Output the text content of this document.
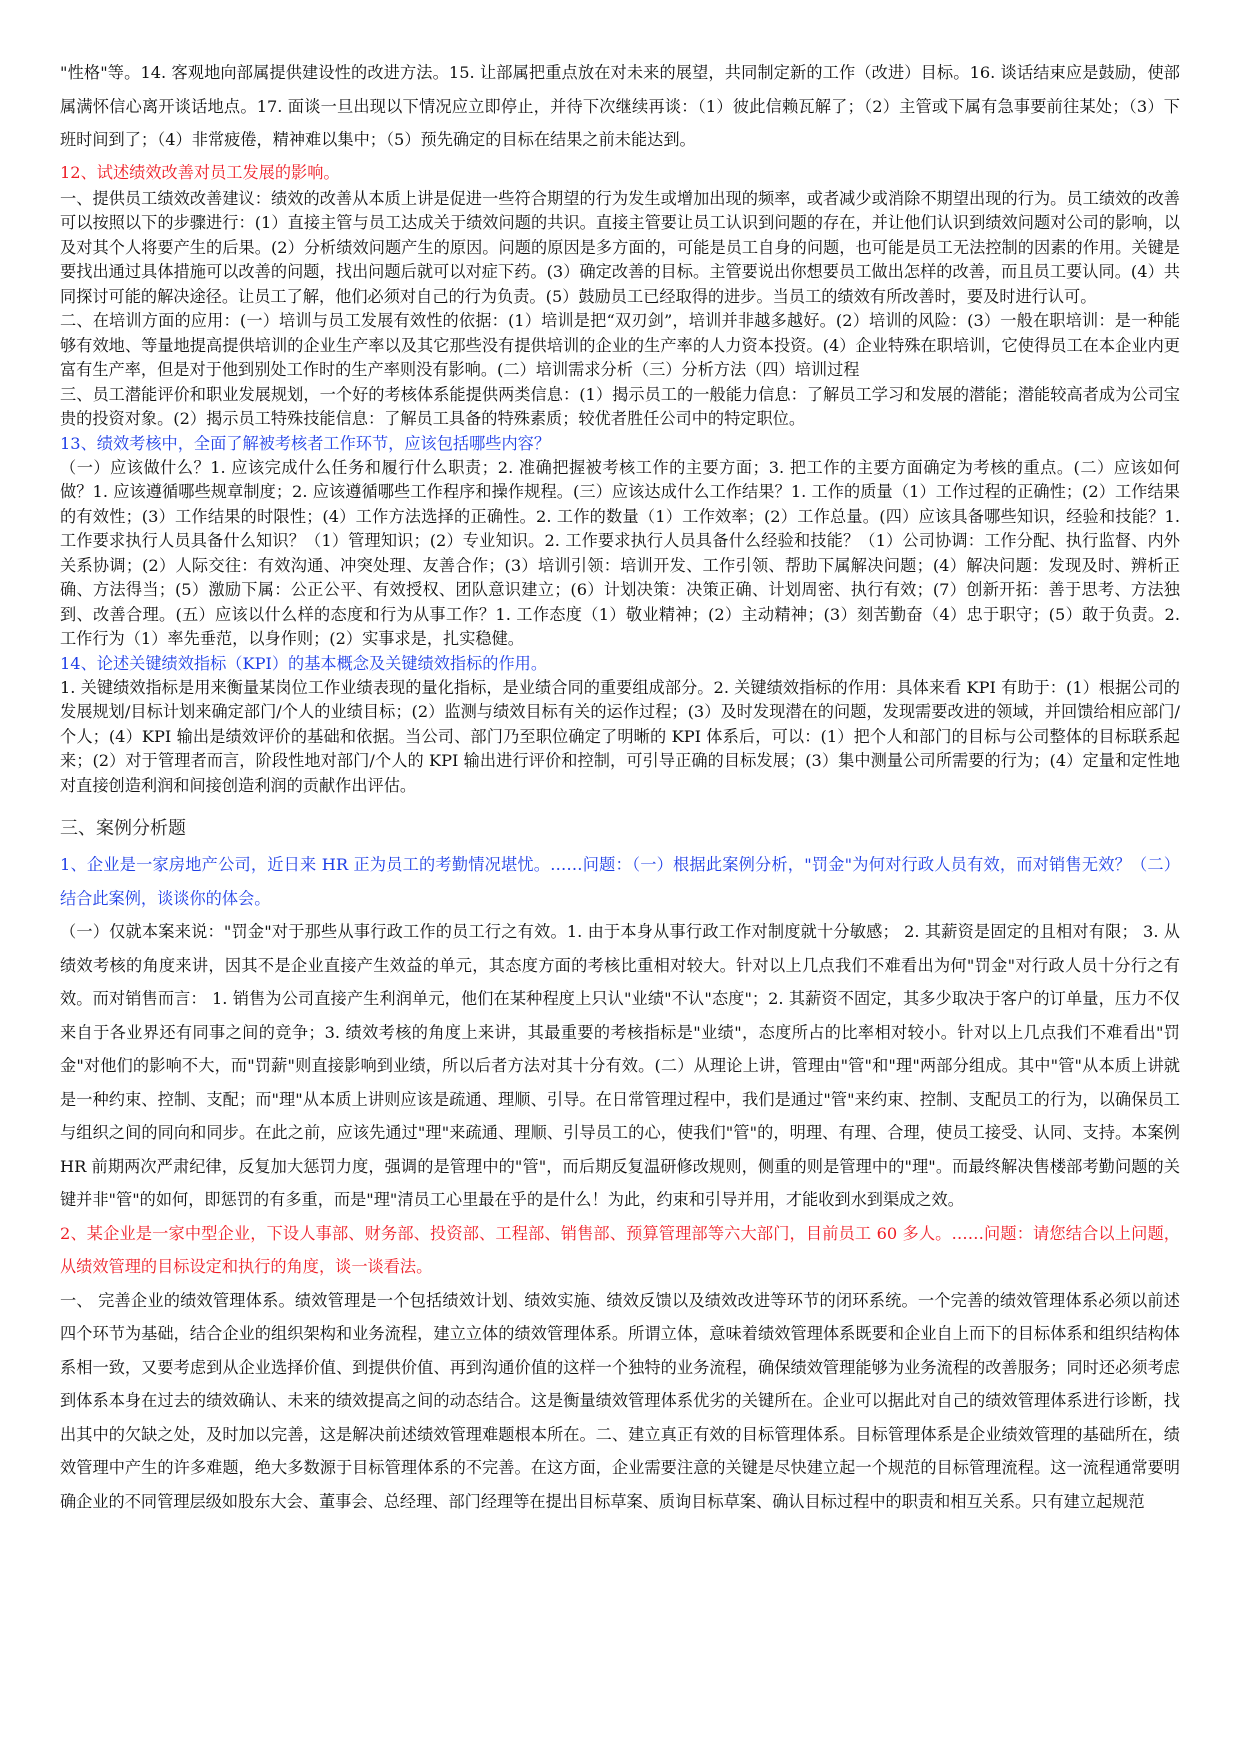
"性格"等。14. 客观地向部属提供建设性的改进方法。15. 让部属把重点放在对未来的展望，共同制定新的工作（改进）目标。16. 谈话结束应是鼓励，使部属满怀信心离开谈话地点。17. 面谈一旦出现以下情况应立即停止，并待下次继续再谈：（1）彼此信赖瓦解了；（2）主管或下属有急事要前往某处；（3）下班时间到了；（4）非常疲倦，精神难以集中；（5）预先确定的目标在结果之前未能达到。

12、试述绩效改善对员工发展的影响。

一、提供员工绩效改善建议：绩效的改善从本质上讲是促进一些符合期望的行为发生或增加出现的频率，或者减少或消除不期望出现的行为。员工绩效的改善可以按照以下的步骤进行：(1）直接主管与员工达成关于绩效问题的共识。直接主管要让员工认识到问题的存在，并让他们认识到绩效问题对公司的影响，以及对其个人将要产生的后果。(2）分析绩效问题产生的原因。问题的原因是多方面的，可能是员工自身的问题，也可能是员工无法控制的因素的作用。关键是要找出通过具体措施可以改善的问题，找出问题后就可以对症下药。(3）确定改善的目标。主管要说出你想要员工做出怎样的改善，而且员工要认同。(4）共同探讨可能的解决途径。让员工了解，他们必须对自己的行为负责。(5）鼓励员工已经取得的进步。当员工的绩效有所改善时，要及时进行认可。

二、在培训方面的应用：(一）培训与员工发展有效性的依据：(1）培训是把“双刃剑”，培训并非越多越好。(2）培训的风险：(3）一般在职培训：是一种能够有效地、等量地提高提供培训的企业生产率以及其它那些没有提供培训的企业的生产率的人力资本投资。(4）企业特殊在职培训，它使得员工在本企业内更富有生产率，但是对于他到别处工作时的生产率则没有影响。(二）培训需求分析（三）分析方法（四）培训过程

三、员工潜能评价和职业发展规划，一个好的考核体系能提供两类信息：(1）揭示员工的一般能力信息：了解员工学习和发展的潜能；潜能较高者成为公司宝贵的投资对象。(2）揭示员工特殊技能信息：了解员工具备的特殊素质；较优者胜任公司中的特定职位。

13、绩效考核中，全面了解被考核者工作环节，应该包括哪些内容？

（一）应该做什么？1. 应该完成什么任务和履行什么职责；2. 准确把握被考核工作的主要方面；3. 把工作的主要方面确定为考核的重点。(二）应该如何做？1. 应该遵循哪些规章制度；2. 应该遵循哪些工作程序和操作规程。(三）应该达成什么工作结果？1. 工作的质量（1）工作过程的正确性；(2）工作结果的有效性；(3）工作结果的时限性；(4）工作方法选择的正确性。2. 工作的数量（1）工作效率；(2）工作总量。(四）应该具备哪些知识，经验和技能？1. 工作要求执行人员具备什么知识？（1）管理知识；(2）专业知识。2. 工作要求执行人员具备什么经验和技能？（1）公司协调：工作分配、执行监督、内外关系协调；(2）人际交往：有效沟通、冲突处理、友善合作；(3）培训引领：培训开发、工作引领、帮助下属解决问题；(4）解决问题：发现及时、辨析正确、方法得当；(5）激励下属：公正公平、有效授权、团队意识建立；(6）计划决策：决策正确、计划周密、执行有效；(7）创新开拓：善于思考、方法独到、改善合理。(五）应该以什么样的态度和行为从事工作？1. 工作态度（1）敬业精神；(2）主动精神；(3）刻苦勤奋（4）忠于职守；(5）敢于负责。2. 工作行为（1）率先垂范，以身作则；(2）实事求是，扎实稳健。

14、论述关键绩效指标（KPI）的基本概念及关键绩效指标的作用。

1. 关键绩效指标是用来衡量某岗位工作业绩表现的量化指标，是业绩合同的重要组成部分。2. 关键绩效指标的作用：具体来看 KPI 有助于：(1）根据公司的发展规划/目标计划来确定部门/个人的业绩目标；(2）监测与绩效目标有关的运作过程；(3）及时发现潜在的问题，发现需要改进的领域，并回馈给相应部门/个人；(4）KPI 输出是绩效评价的基础和依据。当公司、部门乃至职位确定了明晰的 KPI 体系后，可以：(1）把个人和部门的目标与公司整体的目标联系起来；(2）对于管理者而言，阶段性地对部门/个人的 KPI 输出进行评价和控制，可引导正确的目标发展；(3）集中测量公司所需要的行为；(4）定量和定性地对直接创造利润和间接创造利润的贡献作出评估。

三、案例分析题

1、企业是一家房地产公司，近日来 HR 正为员工的考勤情况堪忧。……问题：（一）根据此案例分析，"罚金"为何对行政人员有效，而对销售无效？（二）结合此案例，谈谈你的体会。

（一）仅就本案来说："罚金"对于那些从事行政工作的员工行之有效。1. 由于本身从事行政工作对制度就十分敏感； 2. 其薪资是固定的且相对有限； 3. 从绩效考核的角度来讲，因其不是企业直接产生效益的单元，其态度方面的考核比重相对较大。针对以上几点我们不难看出为何"罚金"对行政人员十分行之有效。而对销售而言： 1. 销售为公司直接产生利润单元，他们在某种程度上只认"业绩"不认"态度"；2. 其薪资不固定，其多少取决于客户的订单量，压力不仅来自于各业界还有同事之间的竞争；3. 绩效考核的角度上来讲，其最重要的考核指标是"业绩"，态度所占的比率相对较小。针对以上几点我们不难看出"罚金"对他们的影响不大，而"罚薪"则直接影响到业绩，所以后者方法对其十分有效。(二）从理论上讲，管理由"管"和"理"两部分组成。其中"管"从本质上讲就是一种约束、控制、支配；而"理"从本质上讲则应该是疏通、理顺、引导。在日常管理过程中，我们是通过"管"来约束、控制、支配员工的行为，以确保员工与组织之间的同向和同步。在此之前，应该先通过"理"来疏通、理顺、引导员工的心，使我们"管"的，明理、有理、合理，使员工接受、认同、支持。本案例 HR 前期两次严肃纪律，反复加大惩罚力度，强调的是管理中的"管"，而后期反复温研修改规则，侧重的则是管理中的"理"。而最终解决售楼部考勤问题的关键并非"管"的如何，即惩罚的有多重，而是"理"清员工心里最在乎的是什么！为此，约束和引导并用，才能收到水到渠成之效。

2、某企业是一家中型企业，下设人事部、财务部、投资部、工程部、销售部、预算管理部等六大部门，目前员工 60 多人。……问题：请您结合以上问题，从绩效管理的目标设定和执行的角度，谈一谈看法。

一、 完善企业的绩效管理体系。绩效管理是一个包括绩效计划、绩效实施、绩效反馈以及绩效改进等环节的闭环系统。一个完善的绩效管理体系必须以前述四个环节为基础，结合企业的组织架构和业务流程，建立立体的绩效管理体系。所谓立体，意味着绩效管理体系既要和企业自上而下的目标体系和组织结构体系相一致，又要考虑到从企业选择价值、到提供价值、再到沟通价值的这样一个独特的业务流程，确保绩效管理能够为业务流程的改善服务；同时还必须考虑到体系本身在过去的绩效确认、未来的绩效提高之间的动态结合。这是衡量绩效管理体系优劣的关键所在。企业可以据此对自己的绩效管理体系进行诊断，找出其中的欠缺之处，及时加以完善，这是解决前述绩效管理难题根本所在。二、建立真正有效的目标管理体系。目标管理体系是企业绩效管理的基础所在，绩效管理中产生的许多难题，绝大多数源于目标管理体系的不完善。在这方面，企业需要注意的关键是尽快建立起一个规范的目标管理流程。这一流程通常要明确企业的不同管理层级如股东大会、董事会、总经理、部门经理等在提出目标草案、质询目标草案、确认目标过程中的职责和相互关系。只有建立起规范
